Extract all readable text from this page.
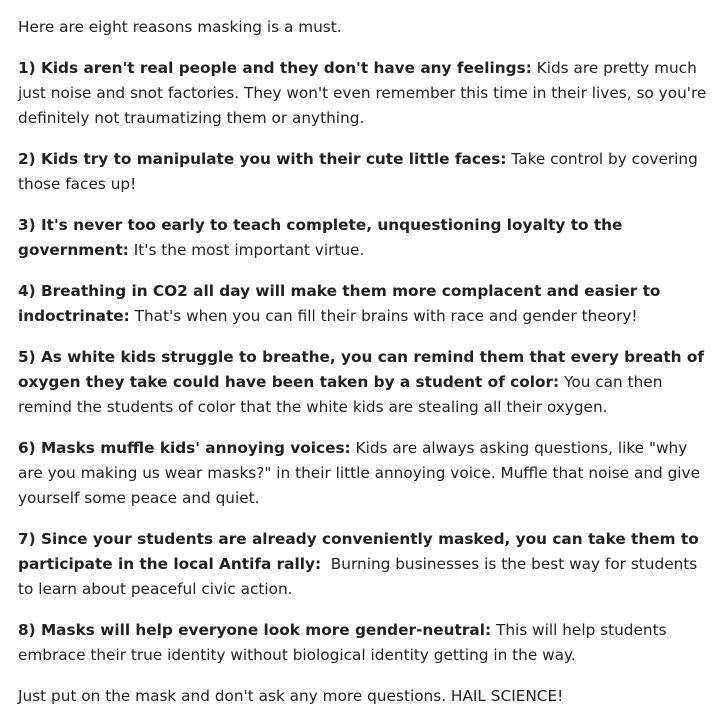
Here are eight reasons masking is a must.

1) Kids aren't real people and they don't have any feelings: Kids are pretty much just noise and snot factories. They won't even remember this time in their lives, so you're definitely not traumatizing them or anything.

2) Kids try to manipulate you with their cute little faces: Take control by covering those faces up!

3) It's never too early to teach complete, unquestioning loyalty to the government: It's the most important virtue.

4) Breathing in CO2 all day will make them more complacent and easier to indoctrinate: That's when you can fill their brains with race and gender theory!

5) As white kids struggle to breathe, you can remind them that every breath of oxygen they take could have been taken by a student of color: You can then remind the students of color that the white kids are stealing all their oxygen.

6) Masks muffle kids' annoying voices: Kids are always asking questions, like "why are you making us wear masks?" in their little annoying voice. Muffle that noise and give yourself some peace and quiet.

7) Since your students are already conveniently masked, you can take them to participate in the local Antifa rally:  Burning businesses is the best way for students to learn about peaceful civic action.

8) Masks will help everyone look more gender-neutral: This will help students embrace their true identity without biological identity getting in the way.

Just put on the mask and don't ask any more questions. HAIL SCIENCE!
